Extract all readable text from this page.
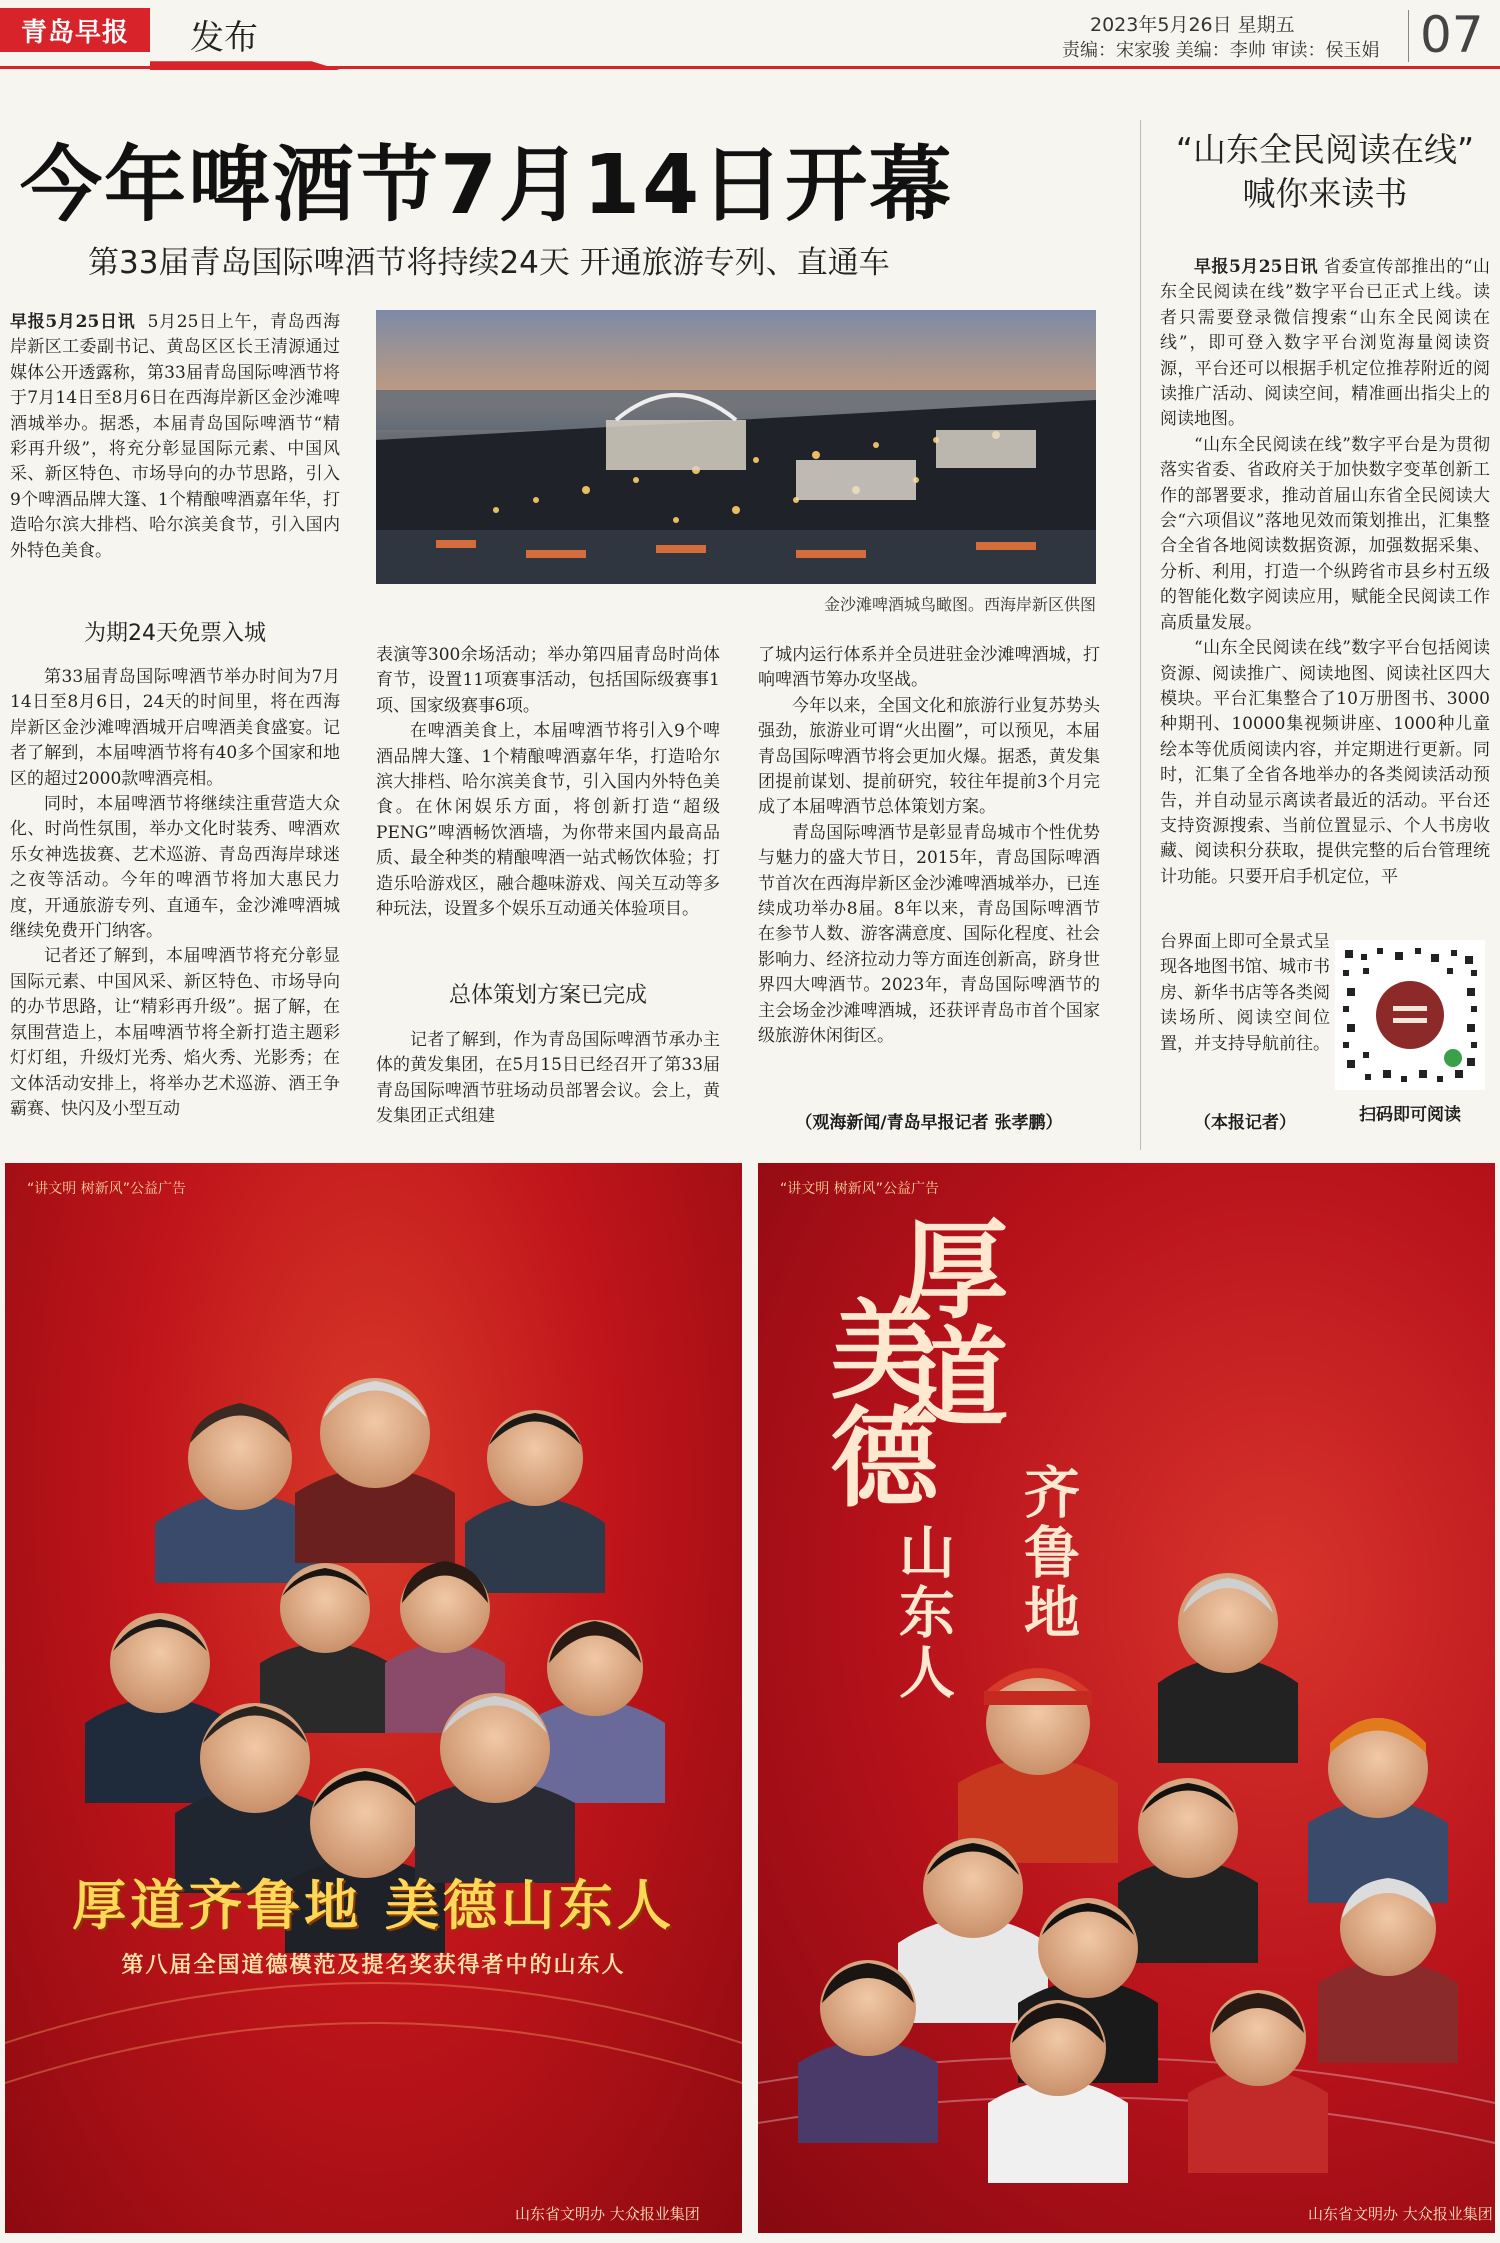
青岛早报	发布	2023年5月26日 星期五
责编：宋家骏 美编：李帅 审读：侯玉娟 07
今年啤酒节7月14日开幕
第33届青岛国际啤酒节将持续24天 开通旅游专列、直通车
“山东全民阅读在线”
喊你来读书

早报5月25日讯 5月25日上午，青岛西海岸新区工委副书记、黄岛区区长王清源通过媒体公开透露称，第33届青岛国际啤酒节将于7月14日至8月6日在西海岸新区金沙滩啤酒城举办。据悉，本届青岛国际啤酒节“精彩再升级”，将充分彰显国际元素、中国风采、新区特色、市场导向的办节思路，引入9个啤酒品牌大篷、1个精酿啤酒嘉年华，打造哈尔滨大排档、哈尔滨美食节，引入国内外特色美食。

为期24天免票入城

第33届青岛国际啤酒节举办时间为7月14日至8月6日，24天的时间里，将在西海岸新区金沙滩啤酒城开启啤酒美食盛宴。记者了解到，本届啤酒节将有40多个国家和地区的超过2000款啤酒亮相。

同时，本届啤酒节将继续注重营造大众化、时尚性氛围，举办文化时装秀、啤酒欢乐女神选拔赛、艺术巡游、青岛西海岸球迷之夜等活动。今年的啤酒节将加大惠民力度，开通旅游专列、直通车，金沙滩啤酒城继续免费开门纳客。

记者还了解到，本届啤酒节将充分彰显国际元素、中国风采、新区特色、市场导向的办节思路，让“精彩再升级”。据了解，在氛围营造上，本届啤酒节将全新打造主题彩灯灯组，升级灯光秀、焰火秀、光影秀；在文体活动安排上，将举办艺术巡游、酒王争霸赛、快闪及小型互动

金沙滩啤酒城鸟瞰图。西海岸新区供图

表演等300余场活动；举办第四届青岛时尚体育节，设置11项赛事活动，包括国际级赛事1项、国家级赛事6项。

在啤酒美食上，本届啤酒节将引入9个啤酒品牌大篷、1个精酿啤酒嘉年华，打造哈尔滨大排档、哈尔滨美食节，引入国内外特色美食。在休闲娱乐方面，将创新打造“超级PENG”啤酒畅饮酒墙，为你带来国内最高品质、最全种类的精酿啤酒一站式畅饮体验；打造乐哈游戏区，融合趣味游戏、闯关互动等多种玩法，设置多个娱乐互动通关体验项目。

总体策划方案已完成

记者了解到，作为青岛国际啤酒节承办主体的黄发集团，在5月15日已经召开了第33届青岛国际啤酒节驻场动员部署会议。会上，黄发集团正式组建

了城内运行体系并全员进驻金沙滩啤酒城，打响啤酒节筹办攻坚战。

今年以来，全国文化和旅游行业复苏势头强劲，旅游业可谓“火出圈”，可以预见，本届青岛国际啤酒节将会更加火爆。据悉，黄发集团提前谋划、提前研究，较往年提前3个月完成了本届啤酒节总体策划方案。

青岛国际啤酒节是彰显青岛城市个性优势与魅力的盛大节日，2015年，青岛国际啤酒节首次在西海岸新区金沙滩啤酒城举办，已连续成功举办8届。8年以来，青岛国际啤酒节在参节人数、游客满意度、国际化程度、社会影响力、经济拉动力等方面连创新高，跻身世界四大啤酒节。2023年，青岛国际啤酒节的主会场金沙滩啤酒城，还获评青岛市首个国家级旅游休闲街区。

（观海新闻/青岛早报记者 张孝鹏）

早报5月25日讯 省委宣传部推出的“山东全民阅读在线”数字平台已正式上线。读者只需要登录微信搜索“山东全民阅读在线”，即可登入数字平台浏览海量阅读资源，平台还可以根据手机定位推荐附近的阅读推广活动、阅读空间，精准画出指尖上的阅读地图。

“山东全民阅读在线”数字平台是为贯彻落实省委、省政府关于加快数字变革创新工作的部署要求，推动首届山东省全民阅读大会“六项倡议”落地见效而策划推出，汇集整合全省各地阅读数据资源，加强数据采集、分析、利用，打造一个纵跨省市县乡村五级的智能化数字阅读应用，赋能全民阅读工作高质量发展。

“山东全民阅读在线”数字平台包括阅读资源、阅读推广、阅读地图、阅读社区四大模块。平台汇集整合了10万册图书、3000种期刊、10000集视频讲座、1000种儿童绘本等优质阅读内容，并定期进行更新。同时，汇集了全省各地举办的各类阅读活动预告，并自动显示离读者最近的活动。平台还支持资源搜索、当前位置显示、个人书房收藏、阅读积分获取，提供完整的后台管理统计功能。只要开启手机定位，平

台界面上即可全景式呈现各地图书馆、城市书房、新华书店等各类阅读场所、阅读空间位置，并支持导航前往。

（本报记者）	扫码即可阅读
“讲文明 树新风”公益广告
厚道齐鲁地 美德山东人
第八届全国道德模范及提名奖获得者中的山东人
山东省文明办 大众报业集团
“讲文明 树新风”公益广告
厚道
美德
齐鲁地
山东人
山东省文明办 大众报业集团
